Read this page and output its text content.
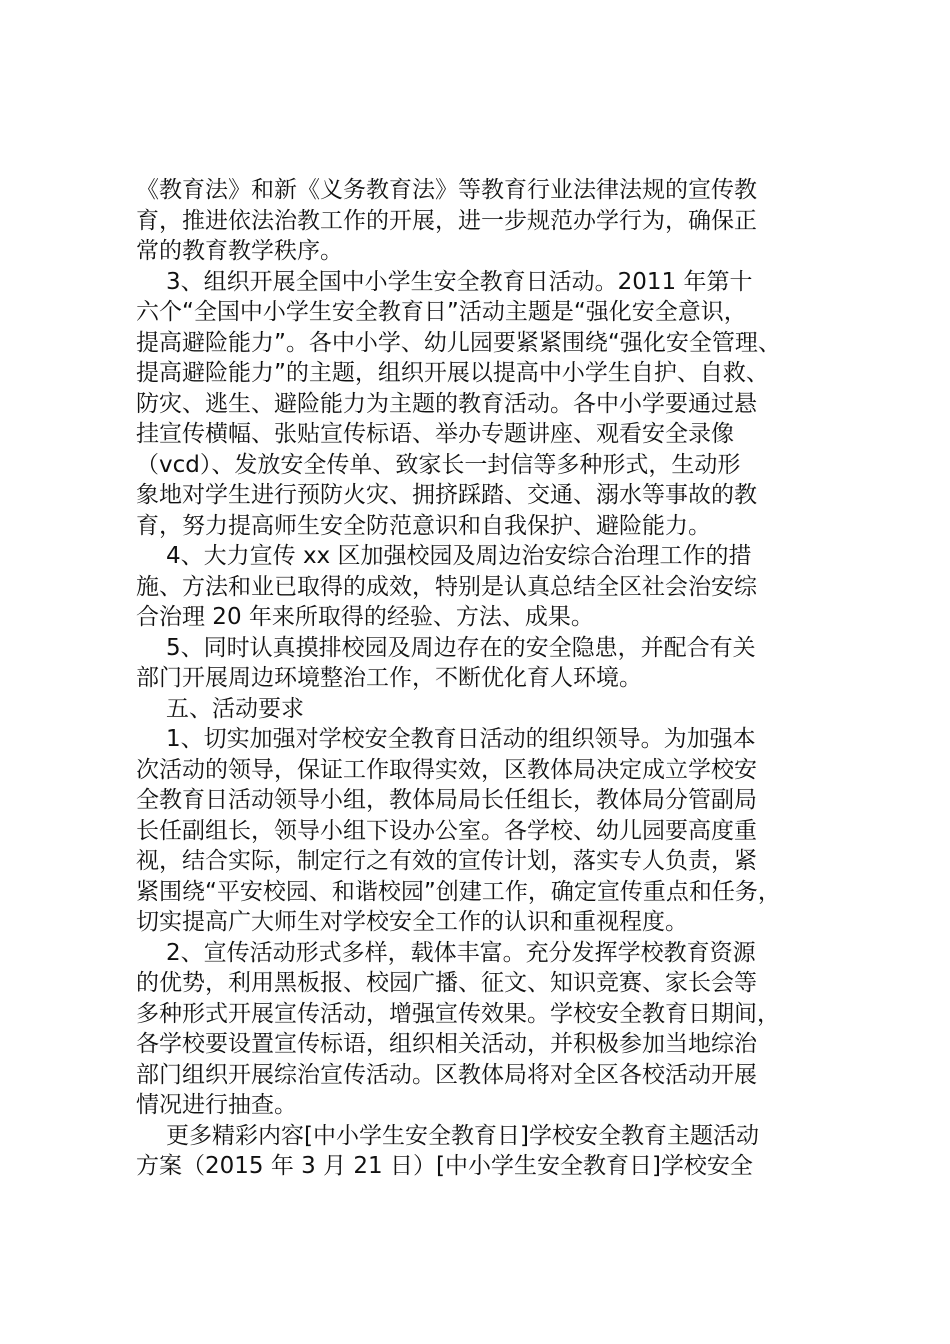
《教育法》和新《义务教育法》等教育行业法律法规的宣传教
育，推进依法治教工作的开展，进一步规范办学行为，确保正
常的教育教学秩序。

3、组织开展全国中小学生安全教育日活动。2011 年第十
六个“全国中小学生安全教育日”活动主题是“强化安全意识，
提高避险能力”。各中小学、幼儿园要紧紧围绕“强化安全管理、
提高避险能力”的主题，组织开展以提高中小学生自护、自救、
防灾、逃生、避险能力为主题的教育活动。各中小学要通过悬
挂宣传横幅、张贴宣传标语、举办专题讲座、观看安全录像
（vcd）、发放安全传单、致家长一封信等多种形式，生动形
象地对学生进行预防火灾、拥挤踩踏、交通、溺水等事故的教
育，努力提高师生安全防范意识和自我保护、避险能力。

4、大力宣传 xx 区加强校园及周边治安综合治理工作的措
施、方法和业已取得的成效，特别是认真总结全区社会治安综
合治理 20 年来所取得的经验、方法、成果。

5、同时认真摸排校园及周边存在的安全隐患，并配合有关
部门开展周边环境整治工作，不断优化育人环境。

五、活动要求

1、切实加强对学校安全教育日活动的组织领导。为加强本
次活动的领导，保证工作取得实效，区教体局决定成立学校安
全教育日活动领导小组，教体局局长任组长，教体局分管副局
长任副组长，领导小组下设办公室。各学校、幼儿园要高度重
视，结合实际，制定行之有效的宣传计划，落实专人负责，紧
紧围绕“平安校园、和谐校园”创建工作，确定宣传重点和任务，
切实提高广大师生对学校安全工作的认识和重视程度。

2、宣传活动形式多样，载体丰富。充分发挥学校教育资源
的优势，利用黑板报、校园广播、征文、知识竞赛、家长会等
多种形式开展宣传活动，增强宣传效果。学校安全教育日期间，
各学校要设置宣传标语，组织相关活动，并积极参加当地综治
部门组织开展综治宣传活动。区教体局将对全区各校活动开展
情况进行抽查。

更多精彩内容[中小学生安全教育日]学校安全教育主题活动
方案（2015 年 3 月 21 日）[中小学生安全教育日]学校安全
